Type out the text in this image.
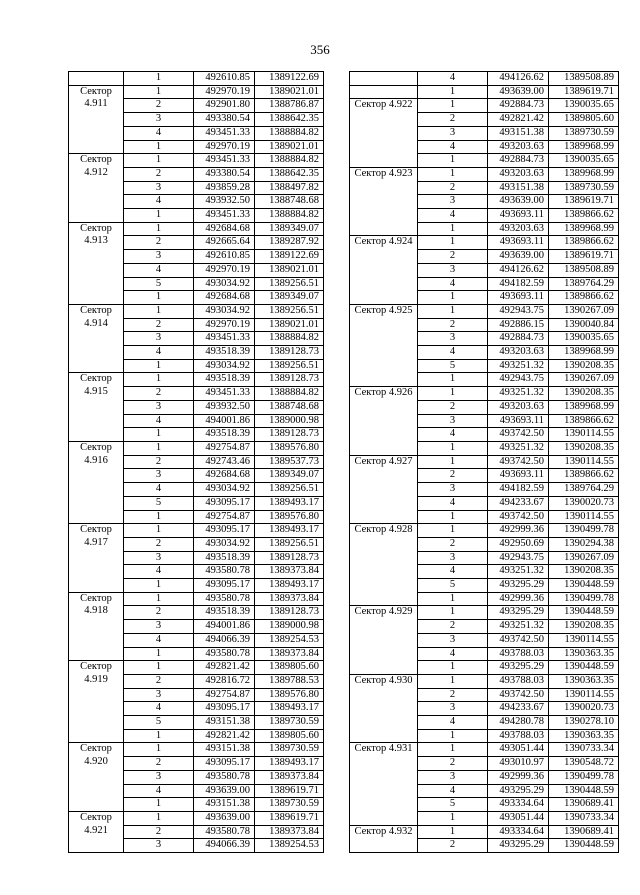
356
	1	492610.85	1389122.69
Сектор 4.911	1	492970.19	1389021.01
	2	492901.80	1388786.87
	3	493380.54	1388642.35
	4	493451.33	1388884.82
	1	492970.19	1389021.01
Сектор 4.912	1	493451.33	1388884.82
	2	493380.54	1388642.35
	3	493859.28	1388497.82
	4	493932.50	1388748.68
	1	493451.33	1388884.82
Сектор 4.913	1	492684.68	1389349.07
	2	492665.64	1389287.92
	3	492610.85	1389122.69
	4	492970.19	1389021.01
	5	493034.92	1389256.51
	1	492684.68	1389349.07
Сектор 4.914	1	493034.92	1389256.51
	2	492970.19	1389021.01
	3	493451.33	1388884.82
	4	493518.39	1389128.73
	1	493034.92	1389256.51
Сектор 4.915	1	493518.39	1389128.73
	2	493451.33	1388884.82
	3	493932.50	1388748.68
	4	494001.86	1389000.98
	1	493518.39	1389128.73
Сектор 4.916	1	492754.87	1389576.80
	2	492743.46	1389537.73
	3	492684.68	1389349.07
	4	493034.92	1389256.51
	5	493095.17	1389493.17
	1	492754.87	1389576.80
Сектор 4.917	1	493095.17	1389493.17
	2	493034.92	1389256.51
	3	493518.39	1389128.73
	4	493580.78	1389373.84
	1	493095.17	1389493.17
Сектор 4.918	1	493580.78	1389373.84
	2	493518.39	1389128.73
	3	494001.86	1389000.98
	4	494066.39	1389254.53
	1	493580.78	1389373.84
Сектор 4.919	1	492821.42	1389805.60
	2	492816.72	1389788.53
	3	492754.87	1389576.80
	4	493095.17	1389493.17
	5	493151.38	1389730.59
	1	492821.42	1389805.60
Сектор 4.920	1	493151.38	1389730.59
	2	493095.17	1389493.17
	3	493580.78	1389373.84
	4	493639.00	1389619.71
	1	493151.38	1389730.59
Сектор 4.921	1	493639.00	1389619.71
	2	493580.78	1389373.84
	3	494066.39	1389254.53
	4	494126.62	1389508.89
	1	493639.00	1389619.71
Сектор 4.922	1	492884.73	1390035.65
	2	492821.42	1389805.60
	3	493151.38	1389730.59
	4	493203.63	1389968.99
	1	492884.73	1390035.65
Сектор 4.923	1	493203.63	1389968.99
	2	493151.38	1389730.59
	3	493639.00	1389619.71
	4	493693.11	1389866.62
	1	493203.63	1389968.99
Сектор 4.924	1	493693.11	1389866.62
	2	493639.00	1389619.71
	3	494126.62	1389508.89
	4	494182.59	1389764.29
	1	493693.11	1389866.62
Сектор 4.925	1	492943.75	1390267.09
	2	492886.15	1390040.84
	3	492884.73	1390035.65
	4	493203.63	1389968.99
	5	493251.32	1390208.35
	1	492943.75	1390267.09
Сектор 4.926	1	493251.32	1390208.35
	2	493203.63	1389968.99
	3	493693.11	1389866.62
	4	493742.50	1390114.55
	1	493251.32	1390208.35
Сектор 4.927	1	493742.50	1390114.55
	2	493693.11	1389866.62
	3	494182.59	1389764.29
	4	494233.67	1390020.73
	1	493742.50	1390114.55
Сектор 4.928	1	492999.36	1390499.78
	2	492950.69	1390294.38
	3	492943.75	1390267.09
	4	493251.32	1390208.35
	5	493295.29	1390448.59
	1	492999.36	1390499.78
Сектор 4.929	1	493295.29	1390448.59
	2	493251.32	1390208.35
	3	493742.50	1390114.55
	4	493788.03	1390363.35
	1	493295.29	1390448.59
Сектор 4.930	1	493788.03	1390363.35
	2	493742.50	1390114.55
	3	494233.67	1390020.73
	4	494280.78	1390278.10
	1	493788.03	1390363.35
Сектор 4.931	1	493051.44	1390733.34
	2	493010.97	1390548.72
	3	492999.36	1390499.78
	4	493295.29	1390448.59
	5	493334.64	1390689.41
	1	493051.44	1390733.34
Сектор 4.932	1	493334.64	1390689.41
	2	493295.29	1390448.59
